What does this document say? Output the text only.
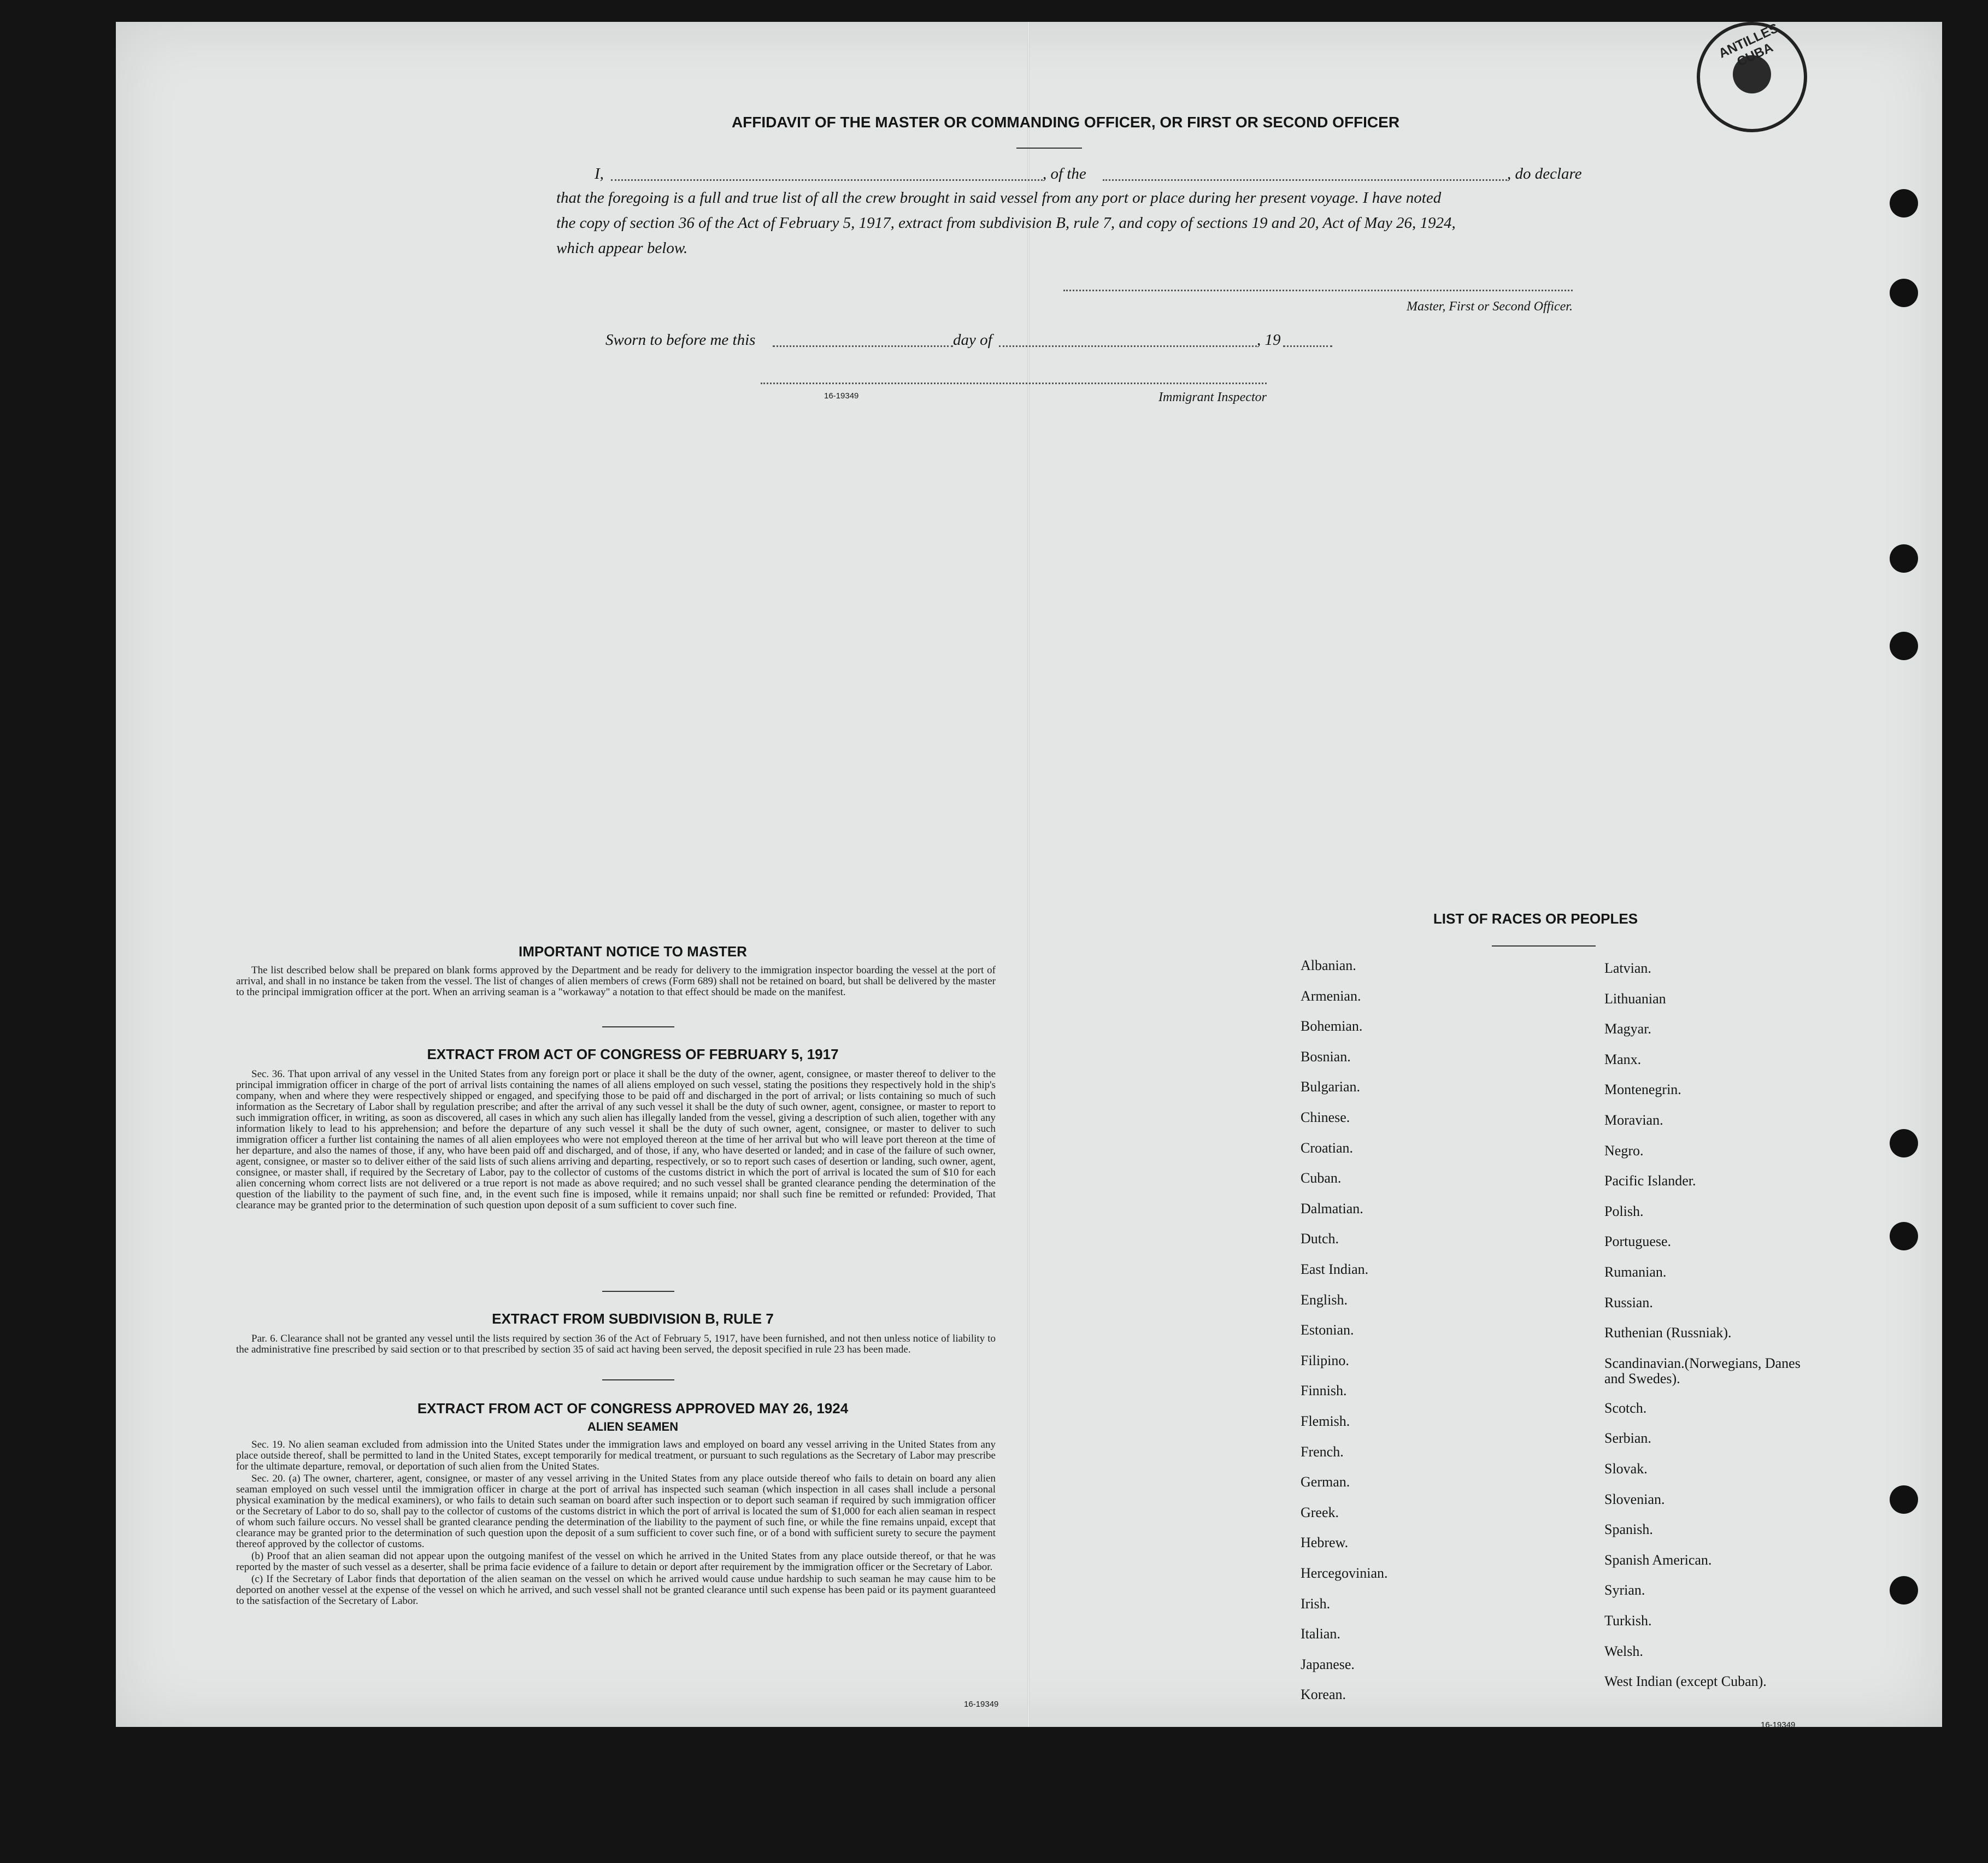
ANTILLES CUBA
AFFIDAVIT OF THE MASTER OR COMMANDING OFFICER, OR FIRST OR SECOND OFFICER
I,	, of the	, do declare
that the foregoing is a full and true list of all the crew brought in said vessel from any port or place during her present voyage. I have noted
the copy of section 36 of the Act of February 5, 1917, extract from subdivision B, rule 7, and copy of sections 19 and 20, Act of May 26, 1924,
which appear below.
Master, First or Second Officer.
Sworn to before me this	day of	, 19
16-19349	Immigrant Inspector
IMPORTANT NOTICE TO MASTER

The list described below shall be prepared on blank forms approved by the Department and be ready for delivery to the immigration inspector boarding the vessel at the port of arrival, and shall in no instance be taken from the vessel. The list of changes of alien members of crews (Form 689) shall not be retained on board, but shall be delivered by the master to the principal immigration officer at the port. When an arriving seaman is a "workaway" a notation to that effect should be made on the manifest.

EXTRACT FROM ACT OF CONGRESS OF FEBRUARY 5, 1917

Sec. 36. That upon arrival of any vessel in the United States from any foreign port or place it shall be the duty of the owner, agent, consignee, or master thereof to deliver to the principal immigration officer in charge of the port of arrival lists containing the names of all aliens employed on such vessel, stating the positions they respectively hold in the ship's company, when and where they were respectively shipped or engaged, and specifying those to be paid off and discharged in the port of arrival; or lists containing so much of such information as the Secretary of Labor shall by regulation prescribe; and after the arrival of any such vessel it shall be the duty of such owner, agent, consignee, or master to report to such immigration officer, in writing, as soon as discovered, all cases in which any such alien has illegally landed from the vessel, giving a description of such alien, together with any information likely to lead to his apprehension; and before the departure of any such vessel it shall be the duty of such owner, agent, consignee, or master to deliver to such immigration officer a further list containing the names of all alien employees who were not employed thereon at the time of her arrival but who will leave port thereon at the time of her departure, and also the names of those, if any, who have been paid off and discharged, and of those, if any, who have deserted or landed; and in case of the failure of such owner, agent, consignee, or master so to deliver either of the said lists of such aliens arriving and departing, respectively, or so to report such cases of desertion or landing, such owner, agent, consignee, or master shall, if required by the Secretary of Labor, pay to the collector of customs of the customs district in which the port of arrival is located the sum of $10 for each alien concerning whom correct lists are not delivered or a true report is not made as above required; and no such vessel shall be granted clearance pending the determination of the question of the liability to the payment of such fine, and, in the event such fine is imposed, while it remains unpaid; nor shall such fine be remitted or refunded: Provided, That clearance may be granted prior to the determination of such question upon deposit of a sum sufficient to cover such fine.

EXTRACT FROM SUBDIVISION B, RULE 7

Par. 6. Clearance shall not be granted any vessel until the lists required by section 36 of the Act of February 5, 1917, have been furnished, and not then unless notice of liability to the administrative fine prescribed by said section or to that prescribed by section 35 of said act having been served, the deposit specified in rule 23 has been made.

EXTRACT FROM ACT OF CONGRESS APPROVED MAY 26, 1924
ALIEN SEAMEN

Sec. 19. No alien seaman excluded from admission into the United States under the immigration laws and employed on board any vessel arriving in the United States from any place outside thereof, shall be permitted to land in the United States, except temporarily for medical treatment, or pursuant to such regulations as the Secretary of Labor may prescribe for the ultimate departure, removal, or deportation of such alien from the United States.

Sec. 20. (a) The owner, charterer, agent, consignee, or master of any vessel arriving in the United States from any place outside thereof who fails to detain on board any alien seaman employed on such vessel until the immigration officer in charge at the port of arrival has inspected such seaman (which inspection in all cases shall include a personal physical examination by the medical examiners), or who fails to detain such seaman on board after such inspection or to deport such seaman if required by such immigration officer or the Secretary of Labor to do so, shall pay to the collector of customs of the customs district in which the port of arrival is located the sum of $1,000 for each alien seaman in respect of whom such failure occurs. No vessel shall be granted clearance pending the determination of the liability to the payment of such fine, or while the fine remains unpaid, except that clearance may be granted prior to the determination of such question upon the deposit of a sum sufficient to cover such fine, or of a bond with sufficient surety to secure the payment thereof approved by the collector of customs.

(b) Proof that an alien seaman did not appear upon the outgoing manifest of the vessel on which he arrived in the United States from any place outside thereof, or that he was reported by the master of such vessel as a deserter, shall be prima facie evidence of a failure to detain or deport after requirement by the immigration officer or the Secretary of Labor.

(c) If the Secretary of Labor finds that deportation of the alien seaman on the vessel on which he arrived would cause undue hardship to such seaman he may cause him to be deported on another vessel at the expense of the vessel on which he arrived, and such vessel shall not be granted clearance until such expense has been paid or its payment guaranteed to the satisfaction of the Secretary of Labor.

16-19349
LIST OF RACES OR PEOPLES
Albanian.
Armenian.
Bohemian.
Bosnian.
Bulgarian.
Chinese.
Croatian.
Cuban.
Dalmatian.
Dutch.
East Indian.
English.
Estonian.
Filipino.
Finnish.
Flemish.
French.
German.
Greek.
Hebrew.
Hercegovinian.
Irish.
Italian.
Japanese.
Korean.
Latvian.
Lithuanian
Magyar.
Manx.
Montenegrin.
Moravian.
Negro.
Pacific Islander.
Polish.
Portuguese.
Rumanian.
Russian.
Ruthenian (Russniak).
Scandinavian.(Norwegians, Danes and Swedes).
Scotch.
Serbian.
Slovak.
Slovenian.
Spanish.
Spanish American.
Syrian.
Turkish.
Welsh.
West Indian (except Cuban).
16-19349
